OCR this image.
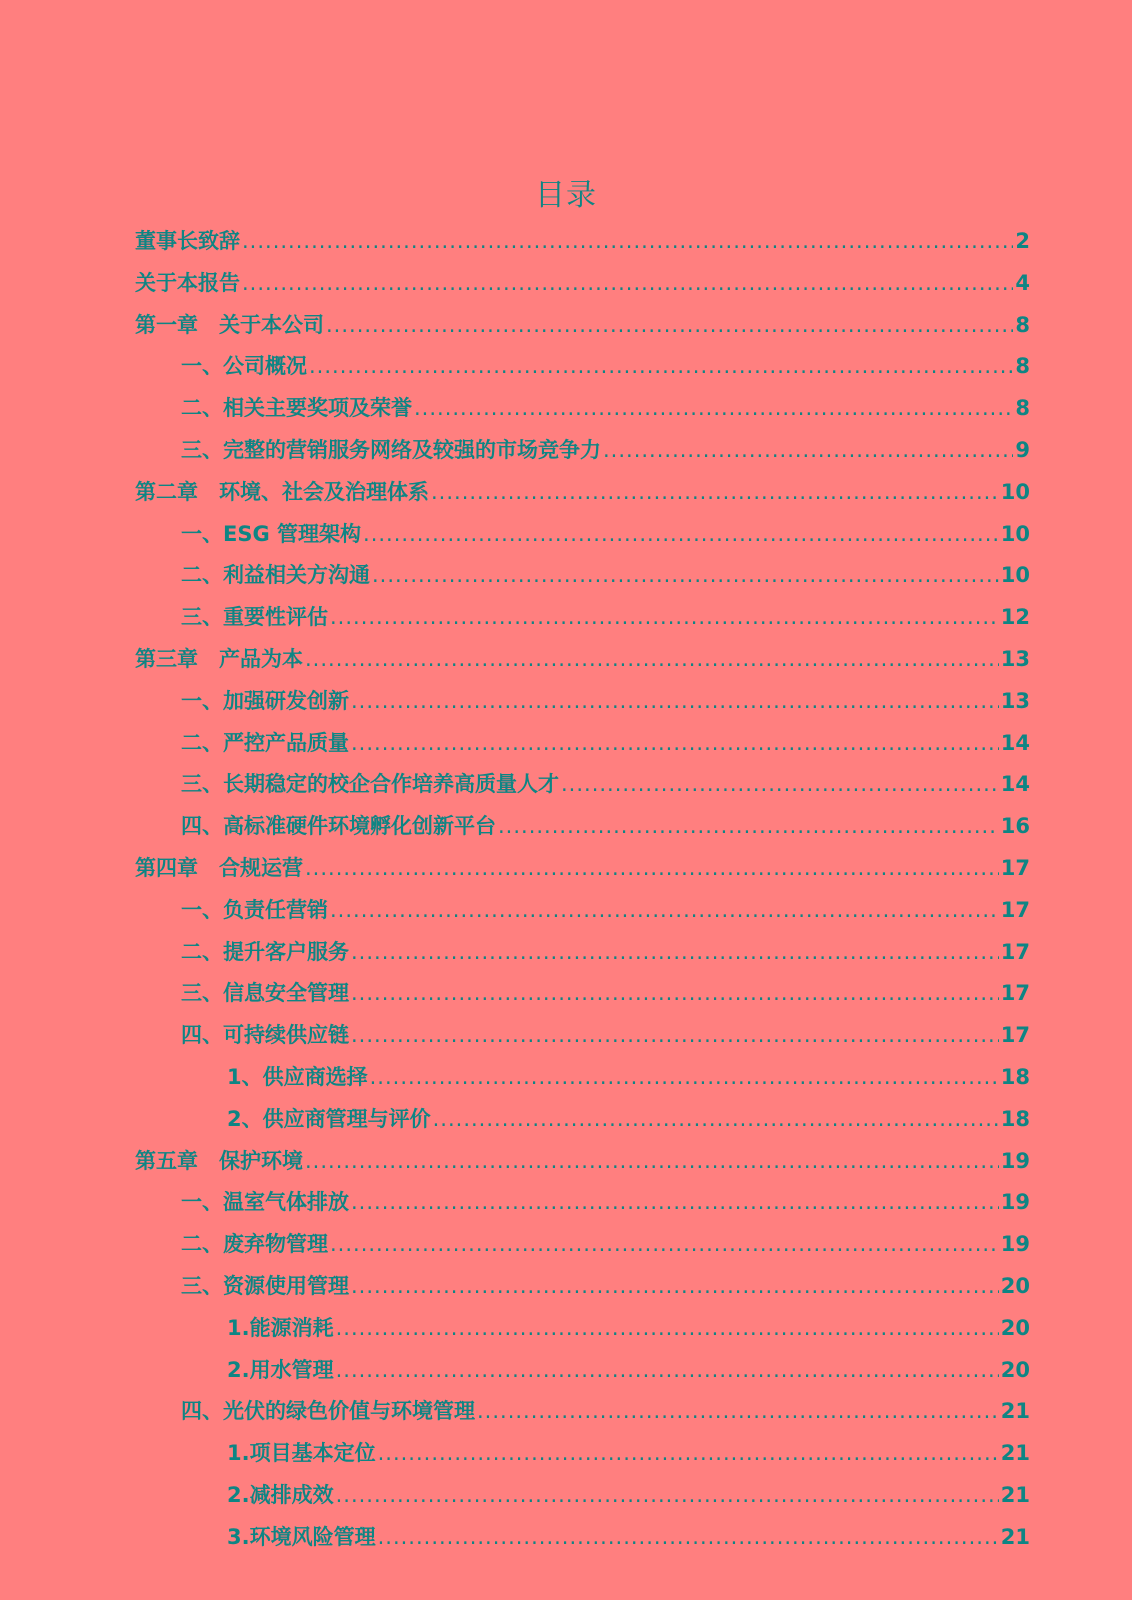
目录
董事长致辞 .....	2
关于本报告 .....	4
第一章　关于本公司 .....	8
一、公司概况 .....	8
二、相关主要奖项及荣誉 .....	8
三、完整的营销服务网络及较强的市场竞争力 .....	9
第二章　环境、社会及治理体系 .....	10
一、ESG 管理架构 .....	10
二、利益相关方沟通 .....	10
三、重要性评估 .....	12
第三章　产品为本 .....	13
一、加强研发创新 .....	13
二、严控产品质量 .....	14
三、长期稳定的校企合作培养高质量人才 .....	14
四、高标准硬件环境孵化创新平台 .....	16
第四章　合规运营 .....	17
一、负责任营销 .....	17
二、提升客户服务 .....	17
三、信息安全管理 .....	17
四、可持续供应链 .....	17
1、供应商选择 .....	18
2、供应商管理与评价 .....	18
第五章　保护环境 .....	19
一、温室气体排放 .....	19
二、废弃物管理 .....	19
三、资源使用管理 .....	20
1.能源消耗 .....	20
2.用水管理 .....	20
四、光伏的绿色价值与环境管理 .....	21
1.项目基本定位 .....	21
2.减排成效 .....	21
3.环境风险管理 .....	21
